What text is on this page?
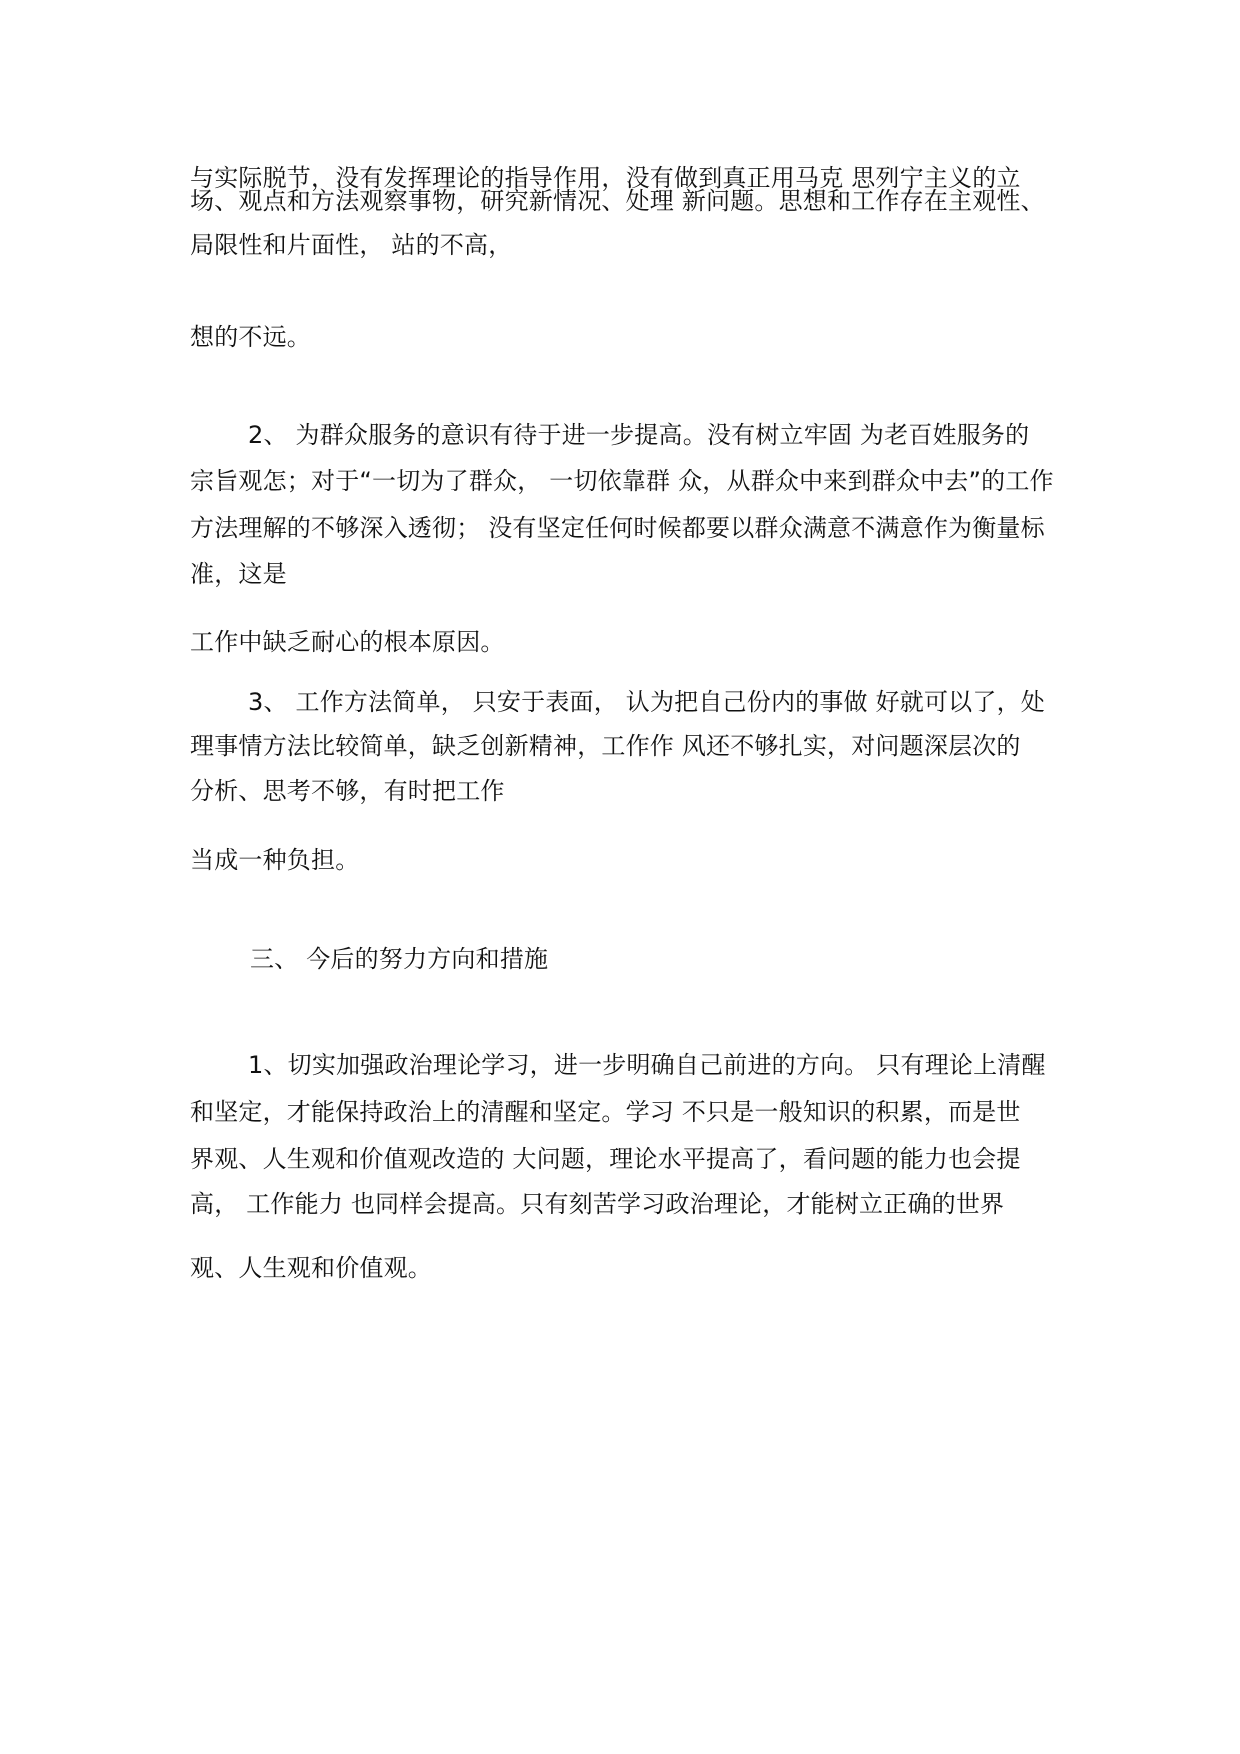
与实际脱节，没有发挥理论的指导作用，没有做到真正用马克 思列宁主义的立
场、观点和方法观察事物，研究新情况、处理 新问题。思想和工作存在主观性、
局限性和片面性， 站的不高，
想的不远。
2、 为群众服务的意识有待于进一步提高。没有树立牢固 为老百姓服务的
宗旨观怎；对于“一切为了群众， 一切依靠群 众，从群众中来到群众中去”的工作
方法理解的不够深入透彻； 没有坚定任何时候都要以群众满意不满意作为衡量标
准，这是
工作中缺乏耐心的根本原因。
3、 工作方法简单， 只安于表面， 认为把自己份内的事做 好就可以了，处
理事情方法比较简单，缺乏创新精神，工作作 风还不够扎实，对问题深层次的
分析、思考不够，有时把工作
当成一种负担。
三、 今后的努力方向和措施
1、切实加强政治理论学习，进一步明确自己前进的方向。 只有理论上清醒
和坚定，才能保持政治上的清醒和坚定。学习 不只是一般知识的积累，而是世
界观、人生观和价值观改造的 大问题，理论水平提高了，看问题的能力也会提
高， 工作能力 也同样会提高。只有刻苦学习政治理论，才能树立正确的世界
观、人生观和价值观。
